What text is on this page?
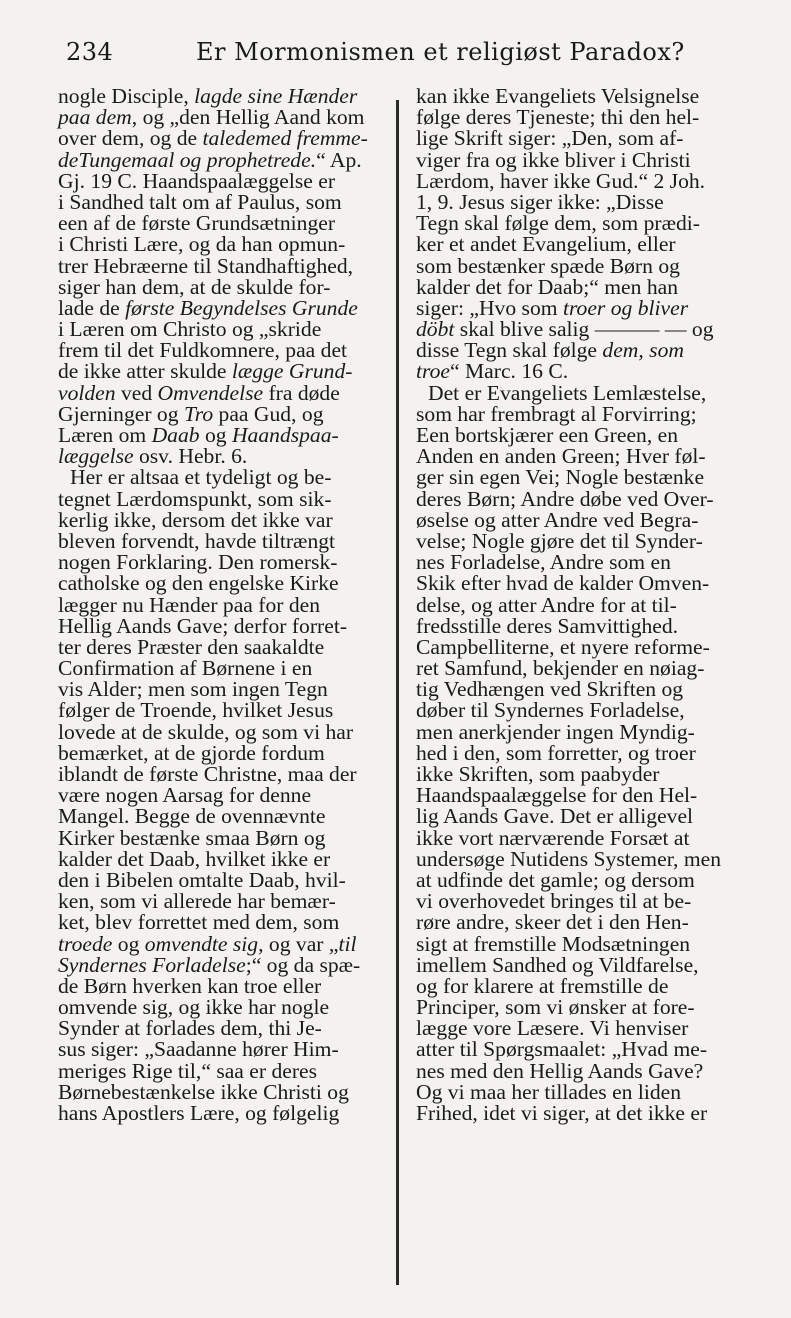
234	Er Mormonismen et religiøst Paradox?
nogle Disciple, lagde sine Hænder
paa dem, og „den Hellig Aand kom
over dem, og de taledemed fremme-
deTungemaal og prophetrede.“ Ap.
Gj. 19 C. Haandspaalæggelse er
i Sandhed talt om af Paulus, som
een af de første Grundsætninger
i Christi Lære, og da han opmun-
trer Hebræerne til Standhaftighed,
siger han dem, at de skulde for-
lade de første Begyndelses Grunde
i Læren om Christo og „skride
frem til det Fuldkomnere, paa det
de ikke atter skulde lægge Grund-
volden ved Omvendelse fra døde
Gjerninger og Tro paa Gud, og
Læren om Daab og Haandspaa-
læggelse osv. Hebr. 6.
Her er altsaa et tydeligt og be-
tegnet Lærdomspunkt, som sik-
kerlig ikke, dersom det ikke var
bleven forvendt, havde tiltrængt
nogen Forklaring. Den romersk-
catholske og den engelske Kirke
lægger nu Hænder paa for den
Hellig Aands Gave; derfor forret-
ter deres Præster den saakaldte
Confirmation af Børnene i en
vis Alder; men som ingen Tegn
følger de Troende, hvilket Jesus
lovede at de skulde, og som vi har
bemærket, at de gjorde fordum
iblandt de første Christne, maa der
være nogen Aarsag for denne
Mangel. Begge de ovennævnte
Kirker bestænke smaa Børn og
kalder det Daab, hvilket ikke er
den i Bibelen omtalte Daab, hvil-
ken, som vi allerede har bemær-
ket, blev forrettet med dem, som
troede og omvendte sig, og var „til
Syndernes Forladelse;“ og da spæ-
de Børn hverken kan troe eller
omvende sig, og ikke har nogle
Synder at forlades dem, thi Je-
sus siger: „Saadanne hører Him-
meriges Rige til,“ saa er deres
Børnebestænkelse ikke Christi og
hans Apostlers Lære, og følgelig
kan ikke Evangeliets Velsignelse
følge deres Tjeneste; thi den hel-
lige Skrift siger: „Den, som af-
viger fra og ikke bliver i Christi
Lærdom, haver ikke Gud.“ 2 Joh.
1, 9. Jesus siger ikke: „Disse
Tegn skal følge dem, som prædi-
ker et andet Evangelium, eller
som bestænker spæde Børn og
kalder det for Daab;“ men han
siger: „Hvo som troer og bliver
döbt skal blive salig ——— — og
disse Tegn skal følge dem, som
troe“ Marc. 16 C.
Det er Evangeliets Lemlæstelse,
som har frembragt al Forvirring;
Een bortskjærer een Green, en
Anden en anden Green; Hver føl-
ger sin egen Vei; Nogle bestænke
deres Børn; Andre døbe ved Over-
øselse og atter Andre ved Begra-
velse; Nogle gjøre det til Synder-
nes Forladelse, Andre som en
Skik efter hvad de kalder Omven-
delse, og atter Andre for at til-
fredsstille deres Samvittighed.
Campbelliterne, et nyere reforme-
ret Samfund, bekjender en nøiag-
tig Vedhængen ved Skriften og
døber til Syndernes Forladelse,
men anerkjender ingen Myndig-
hed i den, som forretter, og troer
ikke Skriften, som paabyder
Haandspaalæggelse for den Hel-
lig Aands Gave. Det er alligevel
ikke vort nærværende Forsæt at
undersøge Nutidens Systemer, men
at udfinde det gamle; og dersom
vi overhovedet bringes til at be-
røre andre, skeer det i den Hen-
sigt at fremstille Modsætningen
imellem Sandhed og Vildfarelse,
og for klarere at fremstille de
Principer, som vi ønsker at fore-
lægge vore Læsere. Vi henviser
atter til Spørgsmaalet: „Hvad me-
nes med den Hellig Aands Gave?
Og vi maa her tillades en liden
Frihed, idet vi siger, at det ikke er
